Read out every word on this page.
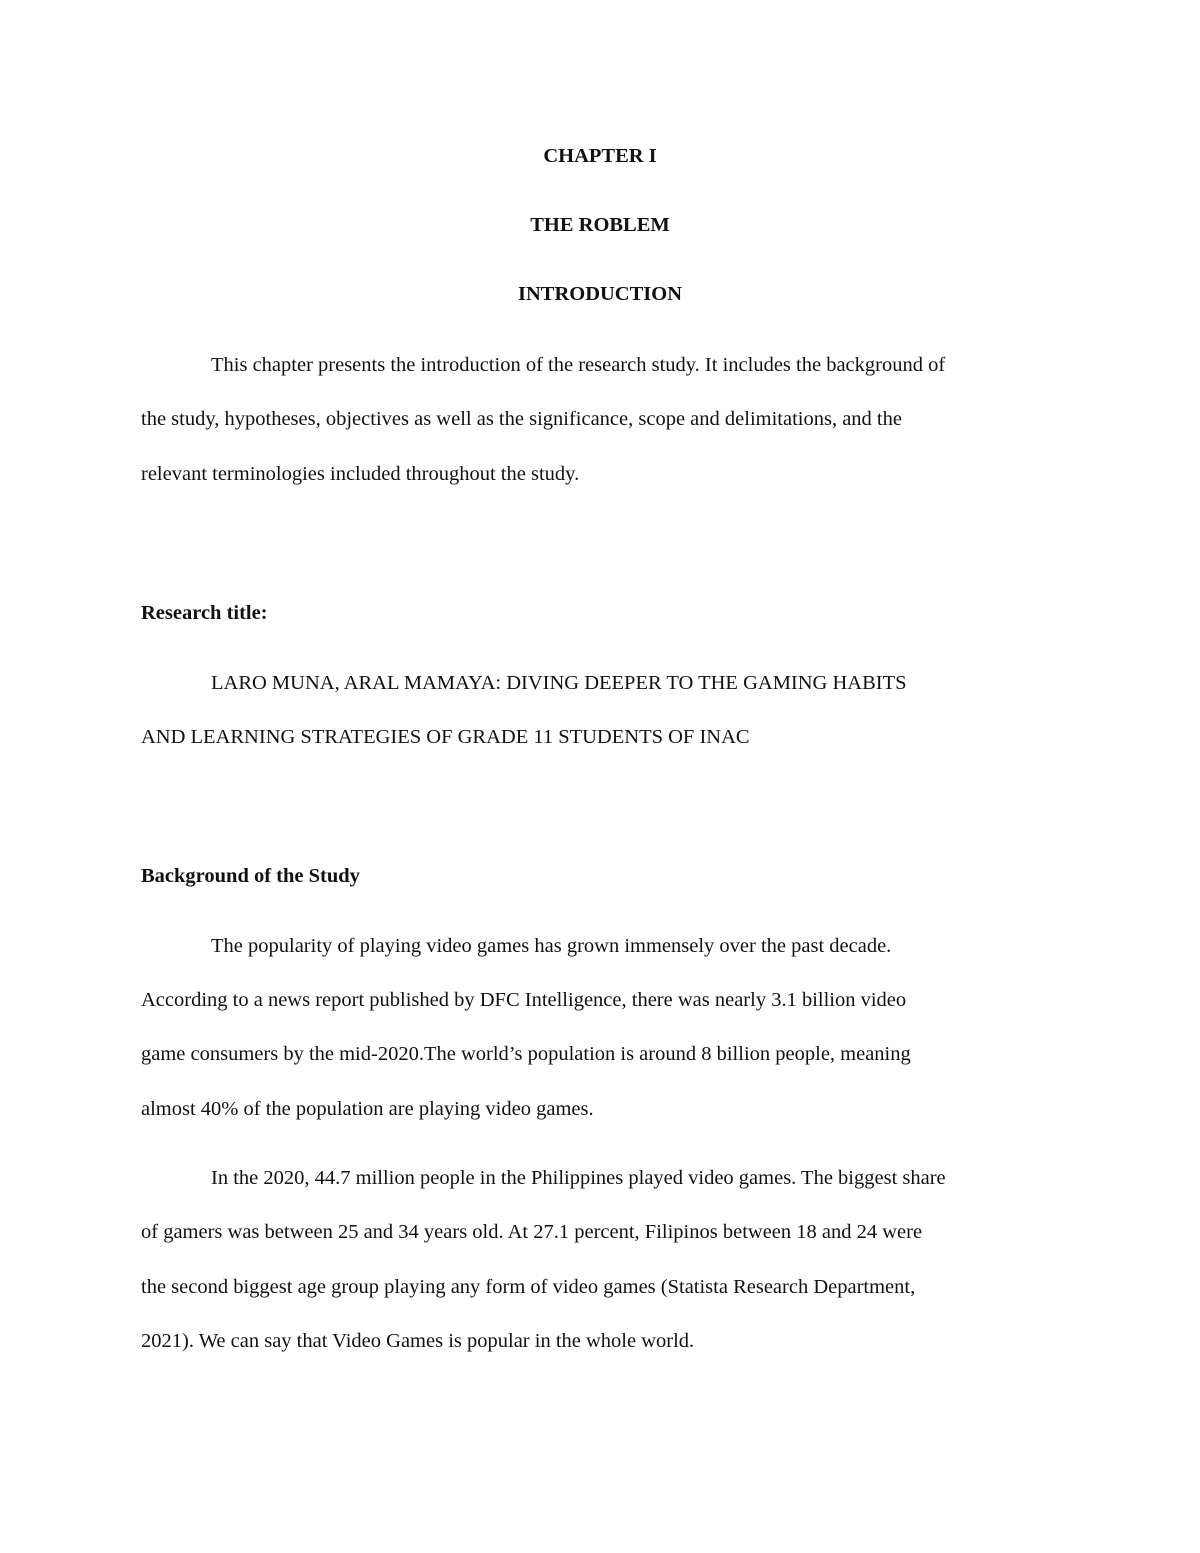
CHAPTER I

THE ROBLEM

INTRODUCTION

This chapter presents the introduction of the research study. It includes the background of

the study, hypotheses, objectives as well as the significance, scope and delimitations, and the

relevant terminologies included throughout the study.

Research title:

LARO MUNA, ARAL MAMAYA: DIVING DEEPER TO THE GAMING HABITS

AND LEARNING STRATEGIES OF GRADE 11 STUDENTS OF INAC

Background of the Study

The popularity of playing video games has grown immensely over the past decade.

According to a news report published by DFC Intelligence, there was nearly 3.1 billion video

game consumers by the mid-2020.The world’s population is around 8 billion people, meaning

almost 40% of the population are playing video games.

In the 2020, 44.7 million people in the Philippines played video games. The biggest share

of gamers was between 25 and 34 years old. At 27.1 percent, Filipinos between 18 and 24 were

the second biggest age group playing any form of video games (Statista Research Department,

2021). We can say that Video Games is popular in the whole world.
